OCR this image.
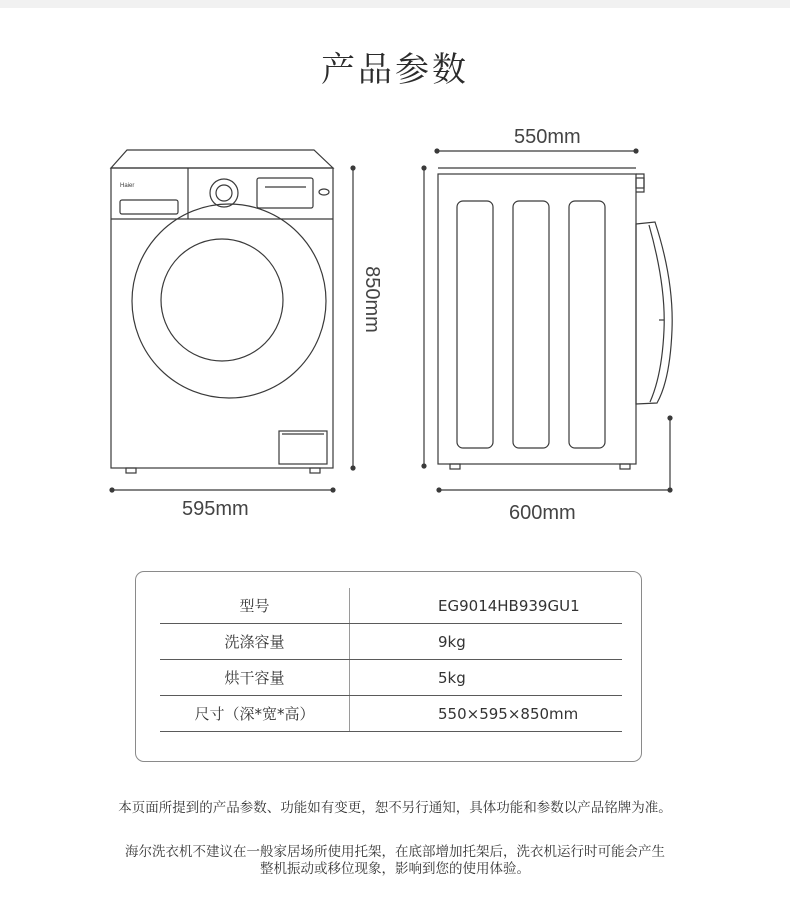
产品参数
Haier
595mm
850mm
550mm
600mm
型号	EG9014HB939GU1
洗涤容量	9kg
烘干容量	5kg
尺寸（深*宽*高）	550×595×850mm

本页面所提到的产品参数、功能如有变更，恕不另行通知，具体功能和参数以产品铭牌为准。

海尔洗衣机不建议在一般家居场所使用托架，在底部增加托架后，洗衣机运行时可能会产生
整机振动或移位现象，影响到您的使用体验。
